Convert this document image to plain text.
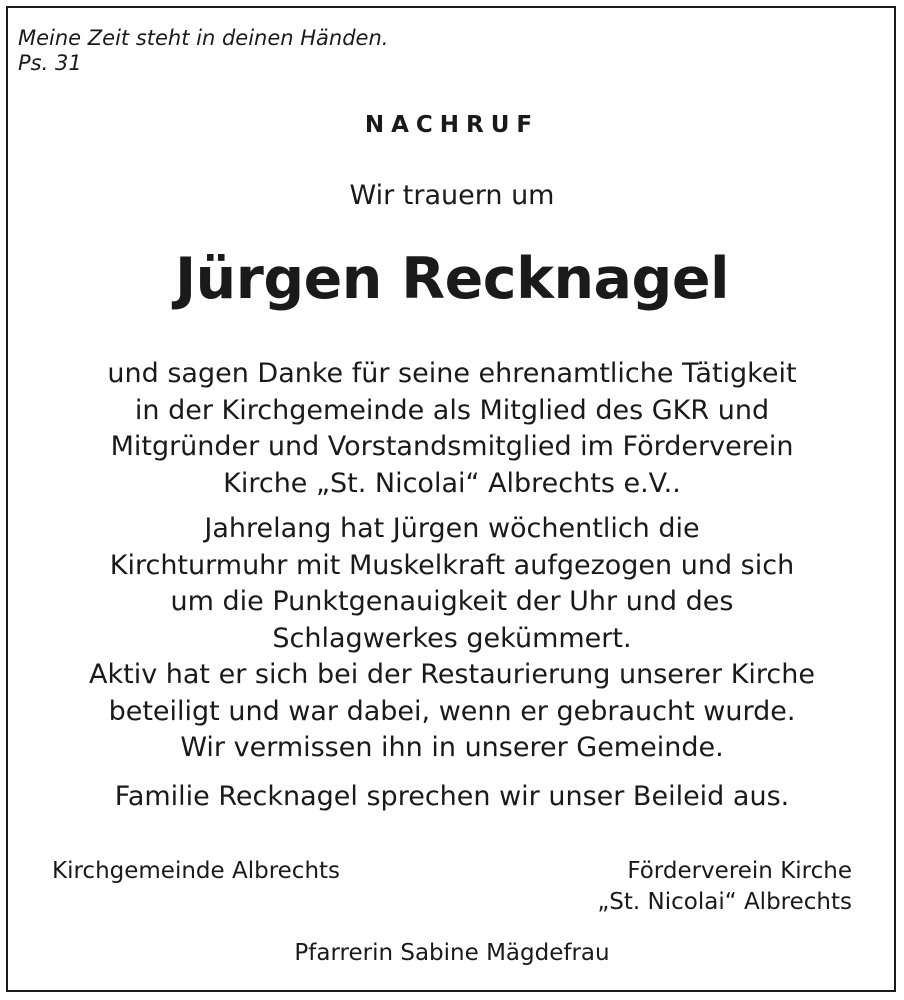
Meine Zeit steht in deinen Händen.
Ps. 31
NACHRUF
Wir trauern um
Jürgen Recknagel
und sagen Danke für seine ehrenamtliche Tätigkeit
in der Kirchgemeinde als Mitglied des GKR und
Mitgründer und Vorstandsmitglied im Förderverein
Kirche „St. Nicolai“ Albrechts e.V..
Jahrelang hat Jürgen wöchentlich die
Kirchturmuhr mit Muskelkraft aufgezogen und sich
um die Punktgenauigkeit der Uhr und des
Schlagwerkes gekümmert.
Aktiv hat er sich bei der Restaurierung unserer Kirche
beteiligt und war dabei, wenn er gebraucht wurde.
Wir vermissen ihn in unserer Gemeinde.
Familie Recknagel sprechen wir unser Beileid aus.
Kirchgemeinde Albrechts	Förderverein Kirche
„St. Nicolai“ Albrechts
Pfarrerin Sabine Mägdefrau
